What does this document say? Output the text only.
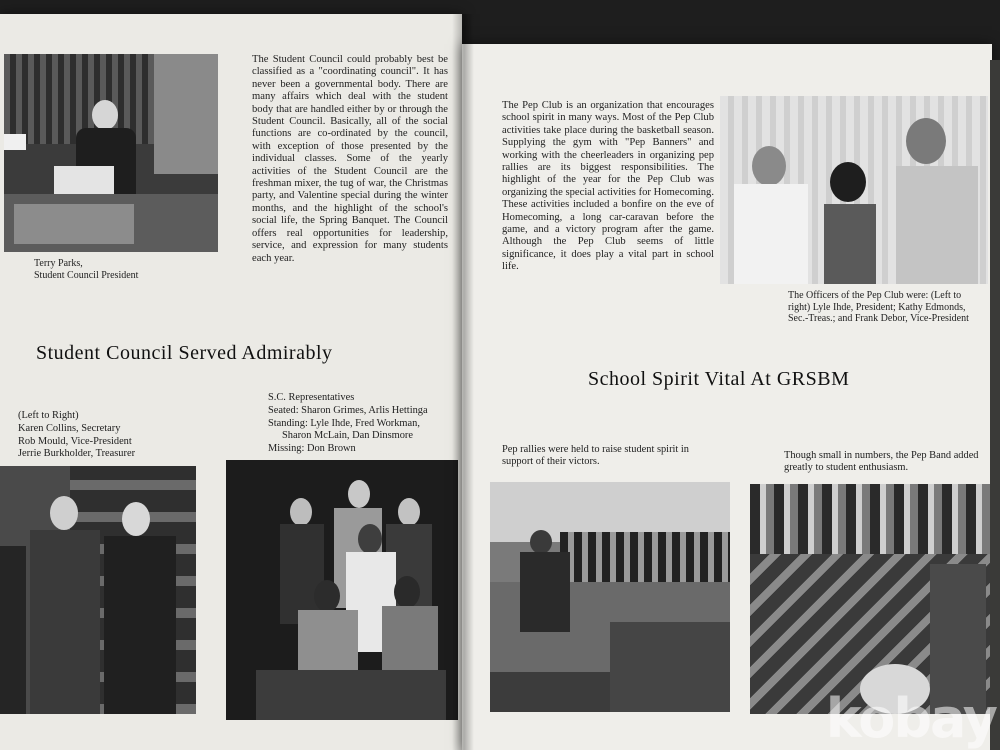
Terry Parks,
Student Council President
The Student Council could probably best be classified as a "coordinating council". It has never been a governmental body. There are many affairs which deal with the student body that are handled either by or through the Student Council. Basically, all of the social functions are co-ordinated by the council, with exception of those presented by the individual classes. Some of the yearly activities of the Student Council are the freshman mixer, the tug of war, the Christmas party, and Valentine special during the winter months, and the highlight of the school's social life, the Spring Banquet. The Council offers real opportunities for leadership, service, and expression for many students each year.
Student Council Served Admirably
(Left to Right)
Karen Collins, Secretary
Rob Mould, Vice-President
Jerrie Burkholder, Treasurer
S.C. Representatives
Seated: Sharon Grimes, Arlis Hettinga
Standing: Lyle Ihde, Fred Workman,
Sharon McLain, Dan Dinsmore
Missing: Don Brown
The Pep Club is an organization that encourages school spirit in many ways. Most of the Pep Club activities take place during the basketball season. Supplying the gym with "Pep Banners" and working with the cheerleaders in organizing pep rallies are its biggest responsibilities. The highlight of the year for the Pep Club was organizing the special activities for Homecoming. These activities included a bonfire on the eve of Homecoming, a long car-caravan before the game, and a victory program after the game. Although the Pep Club seems of little significance, it does play a vital part in school life.
The Officers of the Pep Club were: (Left to
right) Lyle Ihde, President; Kathy Edmonds,
Sec.-Treas.; and Frank Debor, Vice-President
School Spirit Vital At GRSBM
Pep rallies were held to raise student spirit in
support of their victors.
Though small in numbers, the Pep Band added
greatly to student enthusiasm.
kobay
